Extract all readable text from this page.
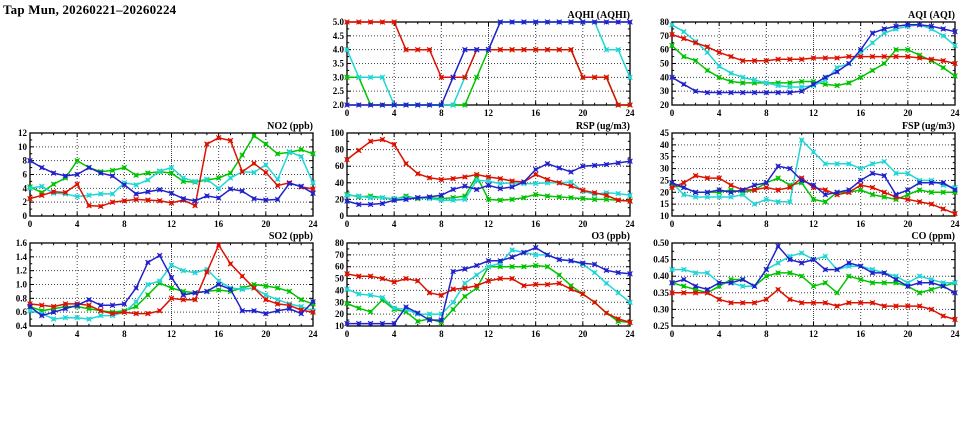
Tap Mun, 20260221–20260224
2.0
2.5
3.0
3.5
4.0
4.5
5.0
0	4	8	12	16	20	24
AQHI (AQHI)
20
30
40
50
60
70
80
0	4	8	12	16	20	24
AQI (AQI)
0
2
4
6
8
10
12
0	4	8	12	16	20	24
NO2 (ppb)
0
20
40
60
80
100
0	4	8	12	16	20	24
RSP (ug/m3)
10
15
20
25
30
35
40
45
0	4	8	12	16	20	24
FSP (ug/m3)
0.4
0.6
0.8
1.0
1.2
1.4
1.6
0	4	8	12	16	20	24
SO2 (ppb)
10
20
30
40
50
60
70
80
0	4	8	12	16	20	24
O3 (ppb)
0.25
0.30
0.35
0.40
0.45
0.50
0	4	8	12	16	20	24
CO (ppm)
